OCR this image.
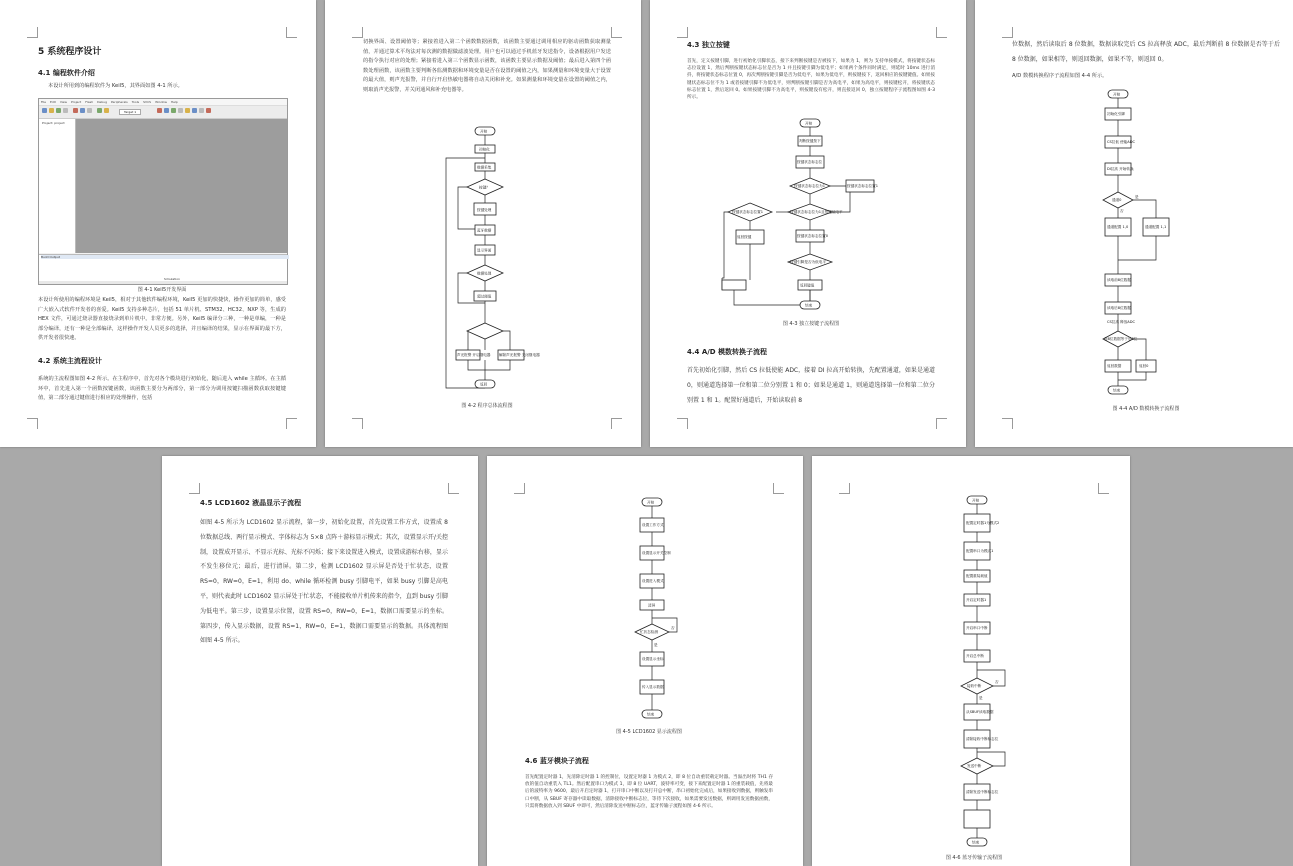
5 系统程序设计
4.1 编程软件介绍
本设计所用到的编程软件为 Keil5，其界面如图 4-1 所示。
File Edit View Project Flash Debug Peripherals Tools SVCS Window Help
Target 1
Project: project
Build Output
Simulation
图 4-1 Keil5开发界面
本设计所使用的编程环境是 Keil5，相对于其他软件编程环境，Keil5 更加的快捷快，操作更加的简单，感受广大嵌入式软件开发者的喜爱。Keil5 支持多种芯片，包括 51 单片机、STM32、HC32、NXP 等，生成的 HEX 文件，可通过烧录器直接烧录到单片机中。非常方便。另外，Keil5 编译分三种，一种是单编，一种是部分编译，还有一种是全部编译，这样操作开发人员更多的选择，并且编译的结果，显示在界面的最下方，供开发者很快速。
4.2 系统主流程设计
系统的主流程图如图 4-2 所示。在主程序中，首先对各个模块进行初始化，随后进入 while 主循环。在主循环中，首先进入第一个函数按键函数，该函数主要分为两部分，第一部分为调用按键扫描函数获取按键键值，第二部分通过键值进行相应的处理操作，包括
切换界面、设置阈值等；紧接着进入第二个函数数据函数，该函数主要通过调用相应的驱动函数获取测量值，并通过算术平均法对每次测的数据做滤波处理。用户也可以通过手机蓝牙发送指令，设备根据用户发送的指令执行对应的处理；紧接着进入第三个函数显示函数，该函数主要显示数据及阈值；最后进入第四个函数处理函数，该函数主要判断各监测数据和环境变量是否在设置的阈值之内，如果测量和环境变量大于设置的最大值，则声光报警，并自行开启热敏电器将自动关闭和补充。如果测量和环境变量在设置的阈值之内，则取消声光报警，并关闭通风和补充电器等。
开始
初始化
数据采集
按键？
按键处理
蓝牙数据
显示界面
数据处理
超过阈值
声光报警 开启继电器 解除声光报警 关闭继电器
返回
图 4-2 程序总体流程图
4.3 独立按键
首先，定义按键引脚，进行初始化引脚状态，接下来判断按键是否被按下，如果为 1，则为 支持单按模式，将按键状态标志位设置 1，然后判断按键状态标志位是否为 1 并且按键引脚为低电平；如果两个条件同时满足，则延时 10ms 进行消抖，将按键状态标志位置 0，再次判断按键引脚是否为低电平，如果为低电平，则按键按下，返回相应的按键键值。如果按键状态标志位不为 1 或者按键引脚不为低电平，则判断按键引脚是否为高电平，如果为高电平，则按键松开，将按键状态标志位置 1，然后返回 0。如果按键引脚不为高电平，则按键没有松开，则直接返回 0，独立按键程序子流程图如图 4-3 所示。
开始
判断按键按下
按键状态标志位
按键状态标志位为1	按键状态标志位置1
按键状态标志位为1且按键低电平
按键状态标志位置1
按键状态标志位置0
按键引脚是否为低电平
返回按键
返回键值
结束
图 4-3 独立按键子流程图
4.4 A/D 模数转换子流程
首先初始化引脚，然后 CS 拉低使能 ADC，接着 DI 拉高开始转换，先配置通道，如果是通道 0，则通道选择第一位和第二位分别置 1 和 0；如果是通道 1，则通道选择第一位和第二位分别置 1 和 1。配置好通道后，开始读取前 8
位数据，然后读取后 8 位数据，数据读取完后 CS 拉高释放 ADC，最后判断前 8 位数据是否等于后 8 位数据，如果相等，则返回数据，如果不等，则返回 0。
A/D 数模转换程序子流程如图 4-4 所示。
开始
初始化引脚
CS拉低 使能ADC
DI拉高 开始转换
通道0
通道配置 1,0	通道配置 1,1
读取前8位数据
读取后8位数据
CS拉高 释放ADC
前8位数据等于后8位
返回数据	返回0
结束
是
否
图 4-4 A/D 数模转换子流程图
4.5 LCD1602 液晶显示子流程
如图 4-5 所示为 LCD1602 显示流程，第一步，初始化设置，首先设置工作方式，设置成 8 位数据总线、两行显示模式、字体标志为 5×8 点阵＋游标显示模式；其次，设置显示开/关控制，设置成开显示、不显示光标、光标不闪烁；接下来设置进入模式，设置成游标右移，显示不发生移位元；最后，进行清屏。第二步，检测 LCD1602 显示屏是否处于忙状态，设置 RS=0，RW=0，E=1，利用 do、while 循环检测 busy 引脚电平，如果 busy 引脚是高电平，则代表此时 LCD1602 显示屏处于忙状态，不能接收单片机传来的指令，直到 busy 引脚为低电平。第三步，设置显示位置，设置 RS=0，RW=0，E=1，数据口需要显示的坐标。第四步，传入显示数据，设置 RS=1，RW=0，E=1，数据口需要显示的数据。具体流程图如图 4-5 所示。
开始
设置工作方式
设置显示开关控制
设置进入模式
清屏
忙状态检测
设置显示坐标
传入显示数据
结束
是
否
图 4-5 LCD1602 显示流程图
4.6 蓝牙模块子流程
首先配置定时器 1，先清除定时器 1 的控制位，设置定时器 1 为模式 2，即 8 位自动重装载定时器。当溢出时将 TH1 存放的值自动重装入 TL1。然后配置串口为模式 1，即 8 位 UART，波特率可变，接下来配置定时器 1 的重装载值，先将最后的波特率为 9600，最后开启定时器 1，打开串口中断以及打开总中断，串口初始化完成后，如果接收到数据，则触发串口中断，从 SBUF 寄存器中读取数据，清除接收中断标志位，等待下次接收，如果需要发送数据，则调用发送数据函数，只需将数据放入到 SBUF 中即可，然后清除发送中断标志位，蓝牙传输子流程如图 4-6 所示。
开始
配置定时器1为模式2
配置串口为模式1
配置重装载值
开启定时器1
开启串口中断
开启总中断
接收中断
从SBUF读取数据
清除接收中断标志位
发送中断
清除发送中断标志位
结束
是
否
图 4-6 蓝牙传输子流程图
